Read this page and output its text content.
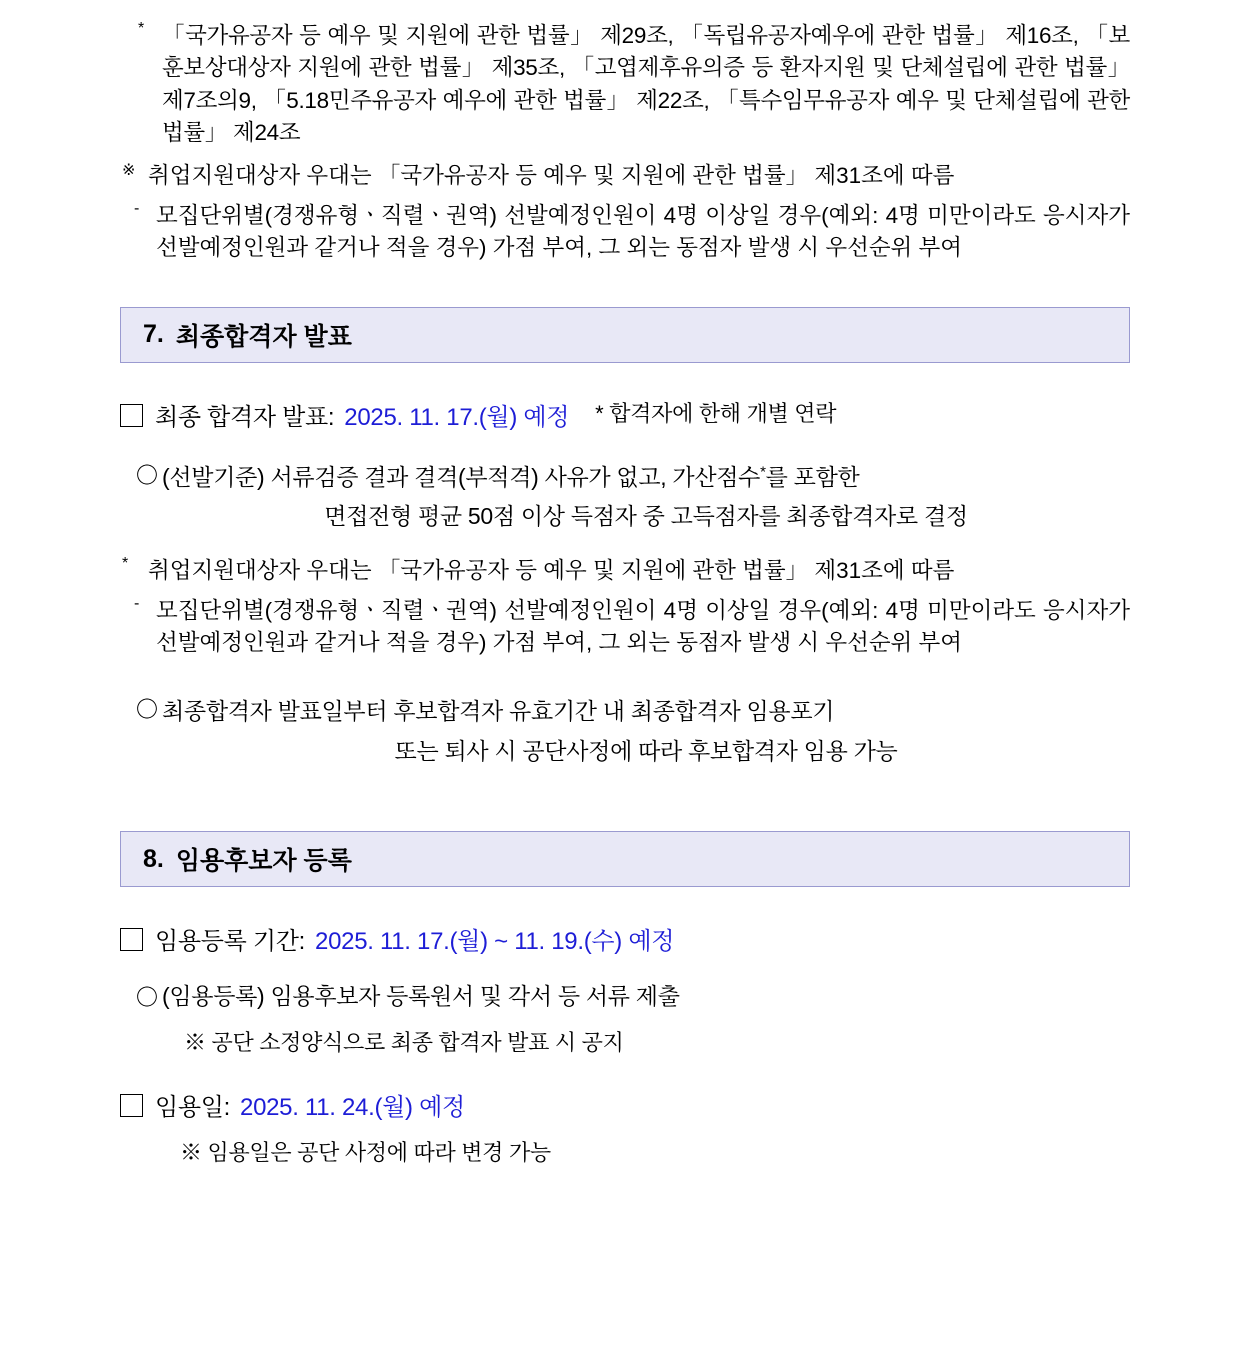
* 「국가유공자 등 예우 및 지원에 관한 법률」 제29조, 「독립유공자예우에 관한 법률」 제16조, 「보훈보상대상자 지원에 관한 법률」 제35조, 「고엽제후유의증 등 환자지원 및 단체설립에 관한 법률」 제7조의9, 「5.18민주유공자 예우에 관한 법률」 제22조, 「특수임무유공자 예우 및 단체설립에 관한 법률」 제24조
※ 취업지원대상자 우대는 「국가유공자 등 예우 및 지원에 관한 법률」 제31조에 따름
- 모집단위별(경쟁유형ㆍ직렬ㆍ권역) 선발예정인원이 4명 이상일 경우(예외: 4명 미만이라도 응시자가 선발예정인원과 같거나 적을 경우) 가점 부여, 그 외는 동점자 발생 시 우선순위 부여
7. 최종합격자 발표
최종 합격자 발표: 2025. 11. 17.(월) 예정 * 합격자에 한해 개별 연락
〇 (선발기준) 서류검증 결과 결격(부적격) 사유가 없고, 가산점수*를 포함한
면접전형 평균 50점 이상 득점자 중 고득점자를 최종합격자로 결정
* 취업지원대상자 우대는 「국가유공자 등 예우 및 지원에 관한 법률」 제31조에 따름
- 모집단위별(경쟁유형ㆍ직렬ㆍ권역) 선발예정인원이 4명 이상일 경우(예외: 4명 미만이라도 응시자가 선발예정인원과 같거나 적을 경우) 가점 부여, 그 외는 동점자 발생 시 우선순위 부여
〇 최종합격자 발표일부터 후보합격자 유효기간 내 최종합격자 임용포기
또는 퇴사 시 공단사정에 따라 후보합격자 임용 가능
8. 임용후보자 등록
임용등록 기간: 2025. 11. 17.(월) ~ 11. 19.(수) 예정
〇 (임용등록) 임용후보자 등록원서 및 각서 등 서류 제출
※ 공단 소정양식으로 최종 합격자 발표 시 공지
임용일: 2025. 11. 24.(월) 예정
※ 임용일은 공단 사정에 따라 변경 가능
